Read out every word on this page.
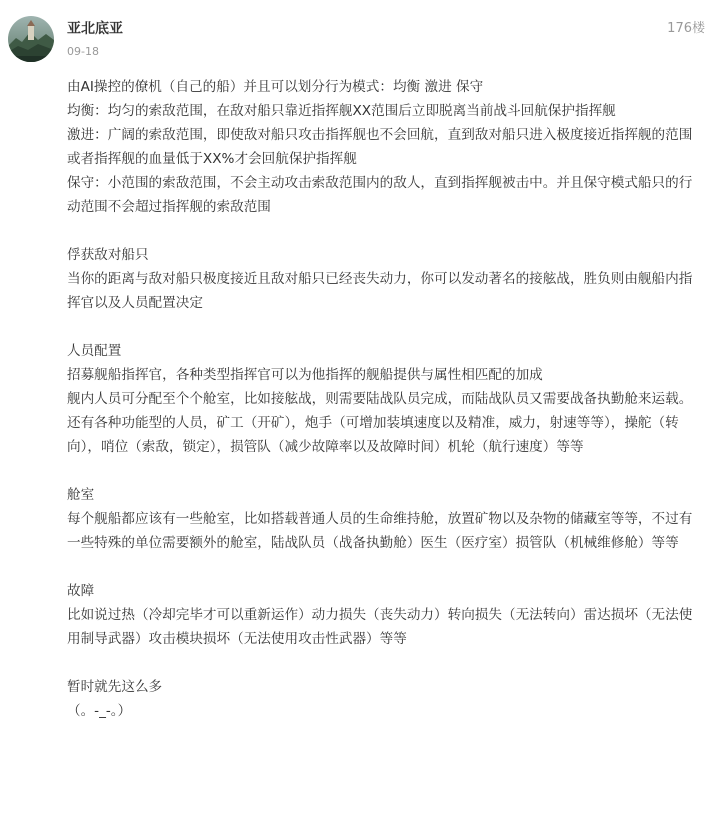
亚北底亚
09-18
176楼

由AI操控的僚机（自己的船）并且可以划分行为模式：均衡 激进 保守

均衡：均匀的索敌范围，在敌对船只靠近指挥舰XX范围后立即脱离当前战斗回航保护指挥舰

激进：广阔的索敌范围，即使敌对船只攻击指挥舰也不会回航，直到敌对船只进入极度接近指挥舰的范围或者指挥舰的血量低于XX%才会回航保护指挥舰

保守：小范围的索敌范围，不会主动攻击索敌范围内的敌人，直到指挥舰被击中。并且保守模式船只的行动范围不会超过指挥舰的索敌范围

俘获敌对船只

当你的距离与敌对船只极度接近且敌对船只已经丧失动力，你可以发动著名的接舷战，胜负则由舰船内指挥官以及人员配置决定

人员配置

招募舰船指挥官，各种类型指挥官可以为他指挥的舰船提供与属性相匹配的加成

舰内人员可分配至个个舱室，比如接舷战，则需要陆战队员完成，而陆战队员又需要战备执勤舱来运载。还有各种功能型的人员，矿工（开矿），炮手（可增加装填速度以及精准，威力，射速等等），操舵（转向），哨位（索敌，锁定），损管队（减少故障率以及故障时间）机轮（航行速度）等等

舱室

每个舰船都应该有一些舱室，比如搭载普通人员的生命维持舱，放置矿物以及杂物的储藏室等等，不过有一些特殊的单位需要额外的舱室，陆战队员（战备执勤舱）医生（医疗室）损管队（机械维修舱）等等

故障

比如说过热（冷却完毕才可以重新运作）动力损失（丧失动力）转向损失（无法转向）雷达损坏（无法使用制导武器）攻击模块损坏（无法使用攻击性武器）等等

暂时就先这么多

（。-_-。）
